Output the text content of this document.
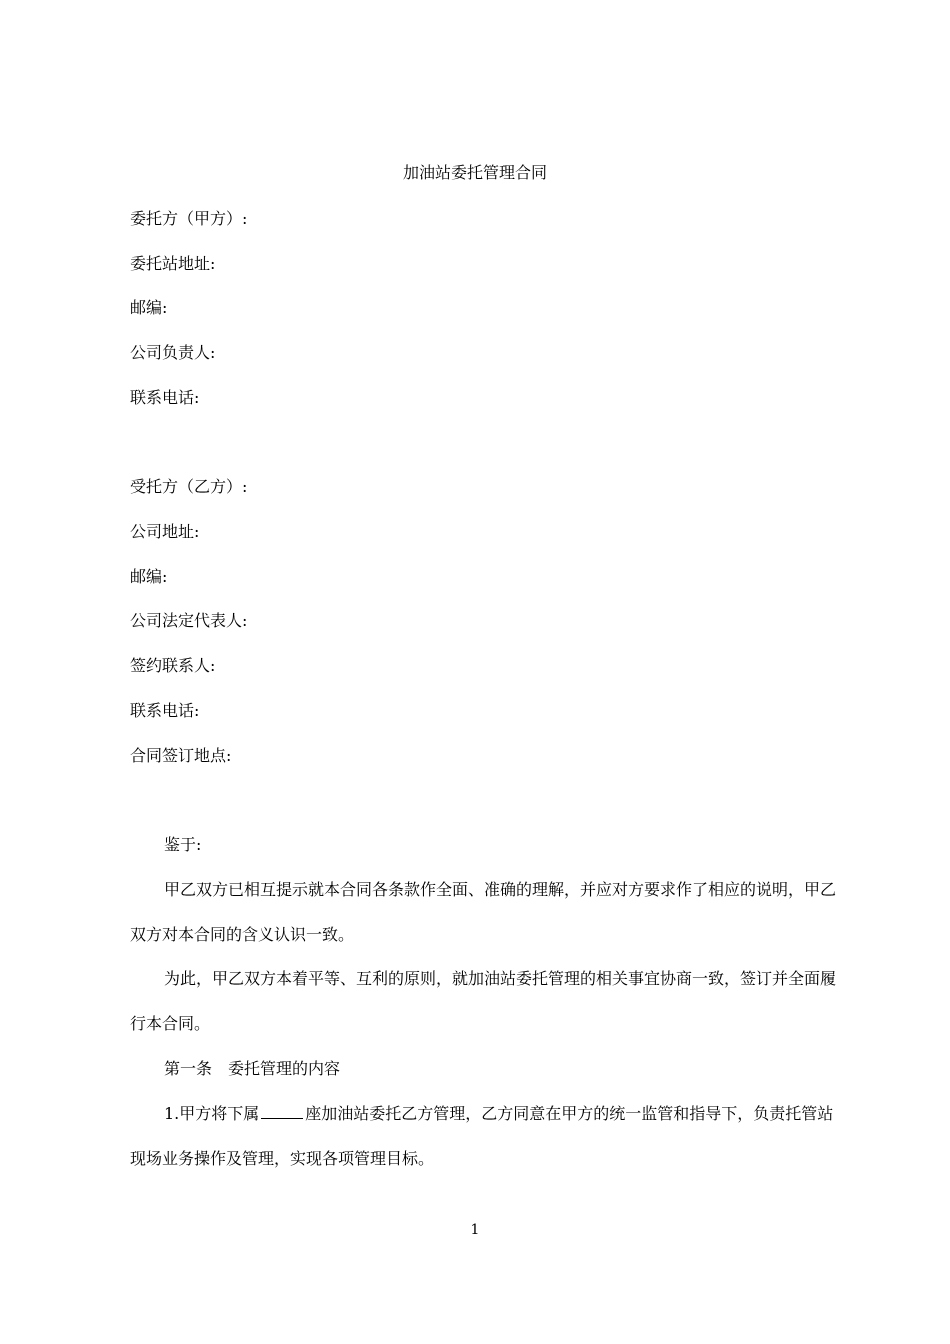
加油站委托管理合同
委托方（甲方）:
委托站地址:
邮编:
公司负责人:
联系电话:
受托方（乙方）:
公司地址:
邮编:
公司法定代表人:
签约联系人:
联系电话:
合同签订地点:
鉴于:
甲乙双方已相互提示就本合同各条款作全面、准确的理解，并应对方要求作了相应的说明，甲乙双方对本合同的含义认识一致。
为此，甲乙双方本着平等、互利的原则，就加油站委托管理的相关事宜协商一致，签订并全面履行本合同。
第一条　委托管理的内容
1.甲方将下属	座加油站委托乙方管理，乙方同意在甲方的统一监管和指导下，负责托管站现场业务操作及管理，实现各项管理目标。
1
